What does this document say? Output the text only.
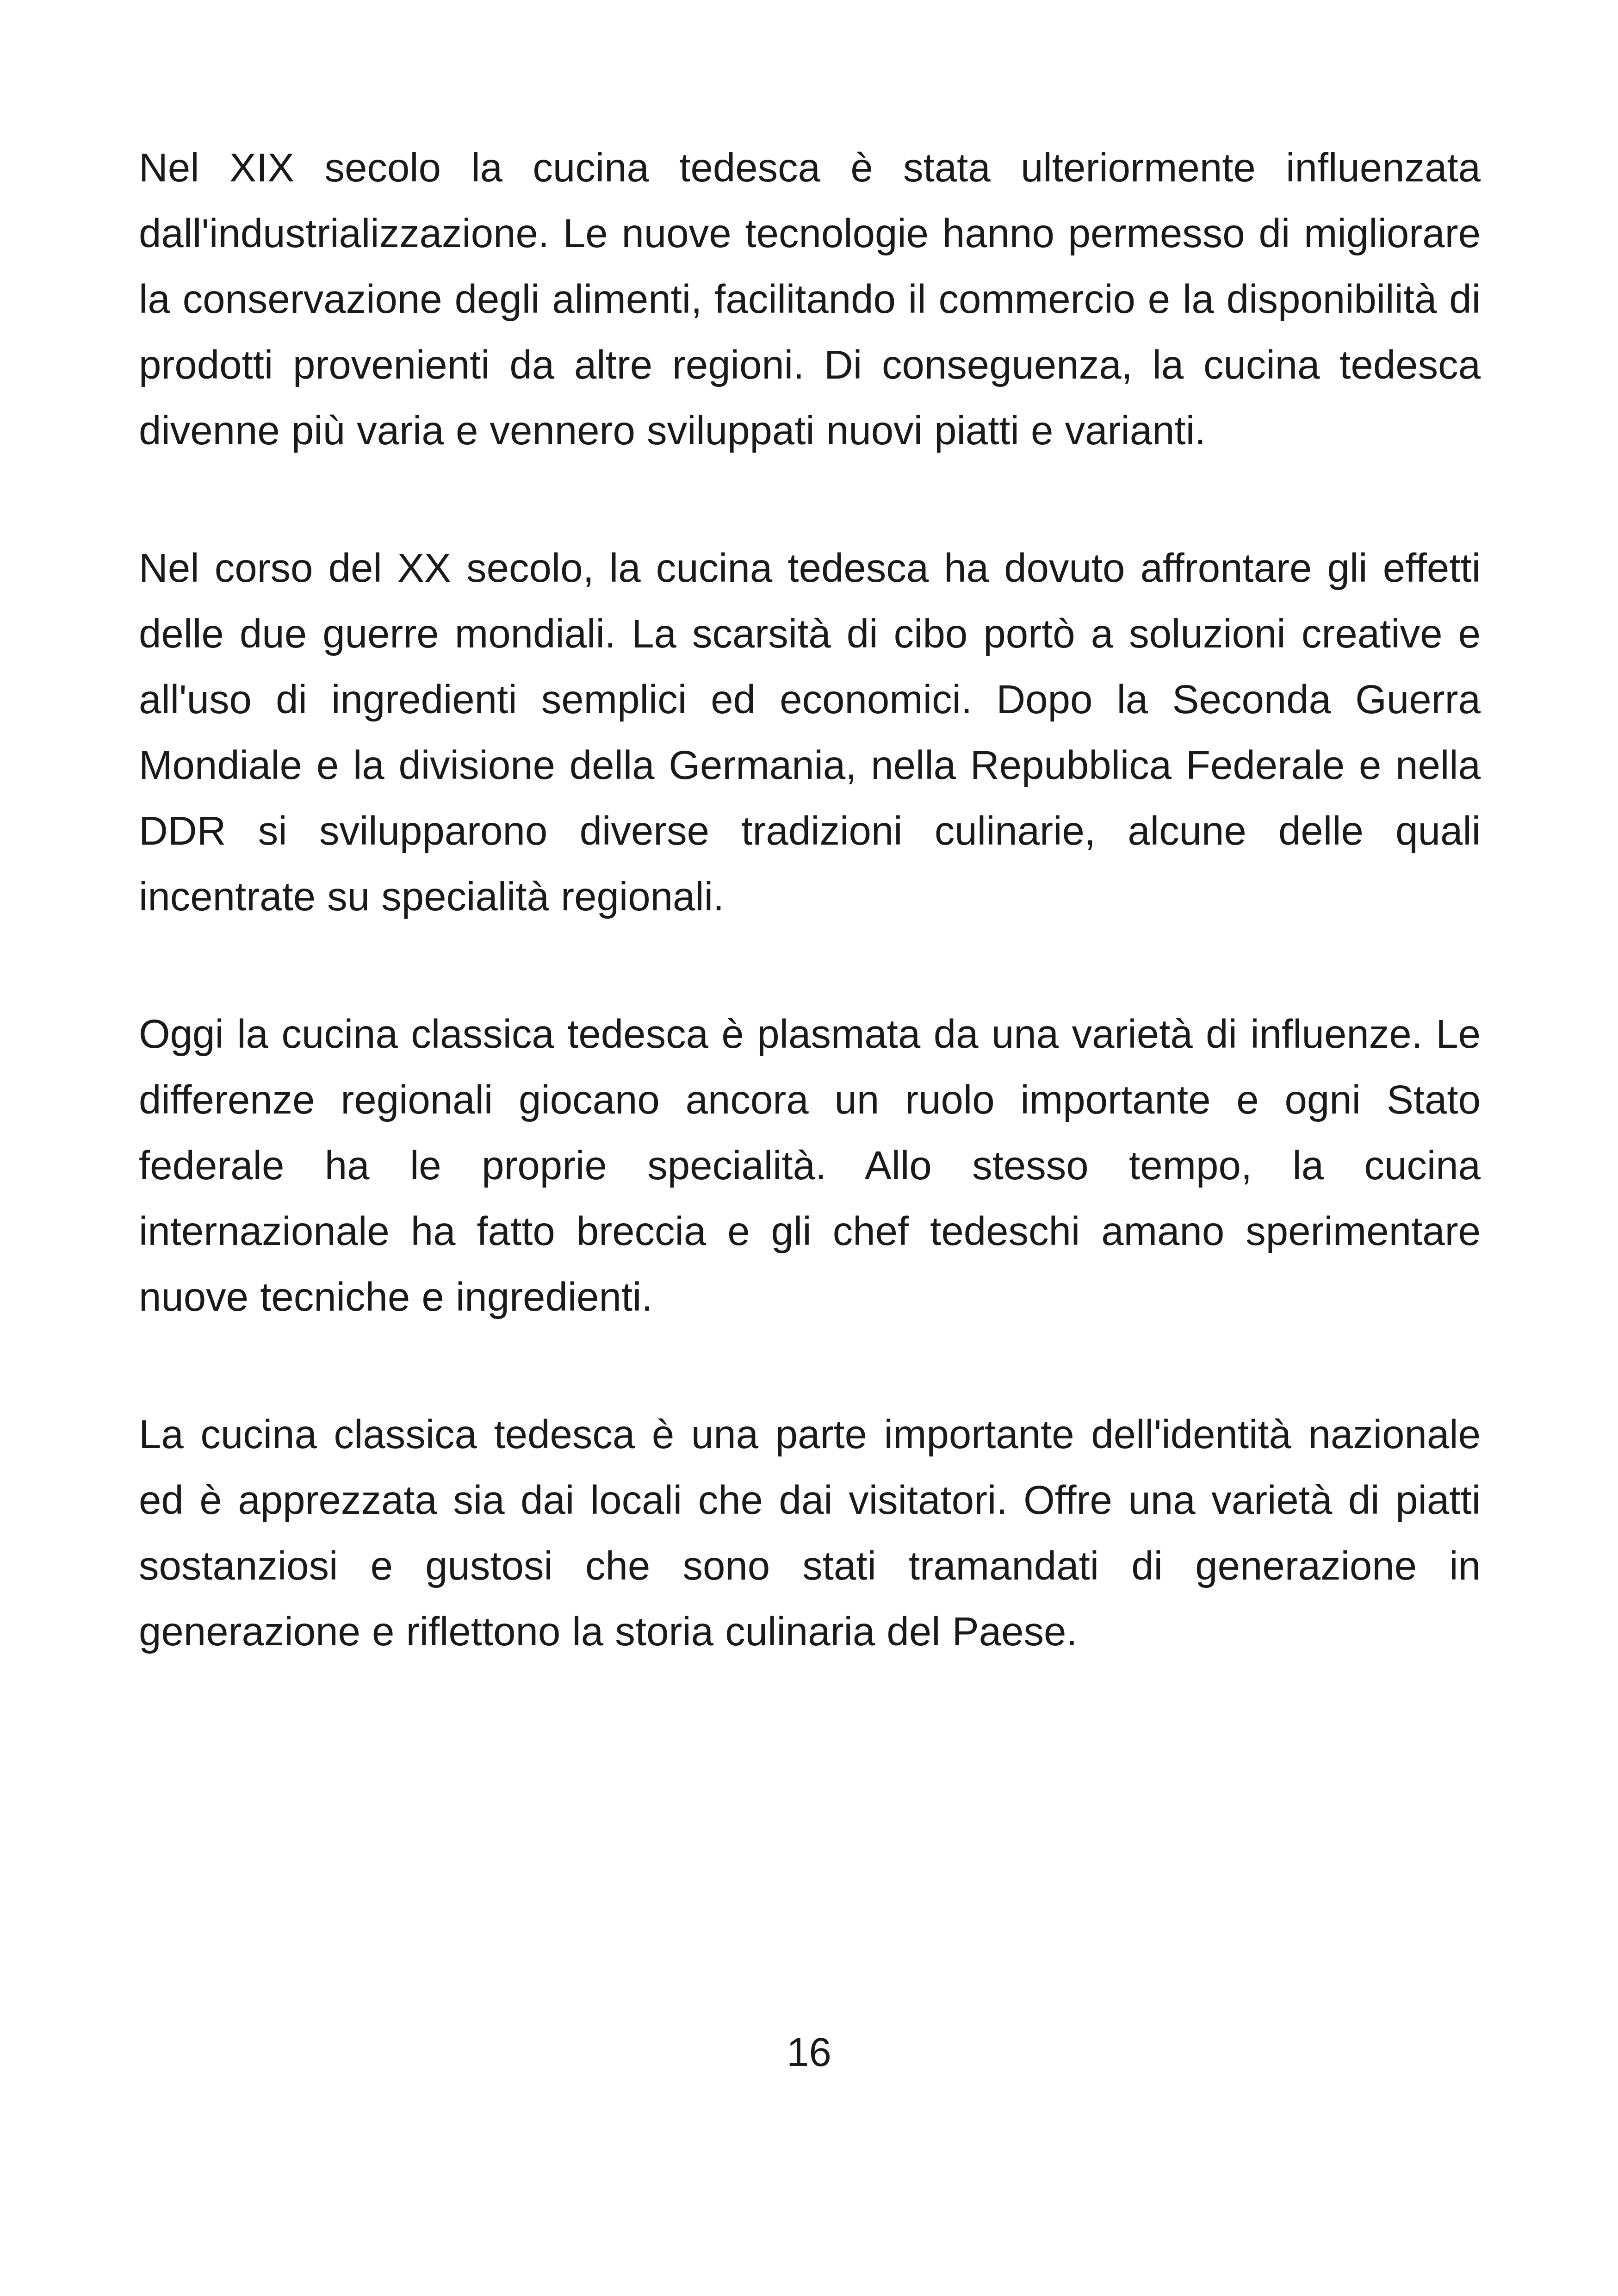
Nel XIX secolo la cucina tedesca è stata ulteriormente influenzata dall'industrializzazione. Le nuove tecnologie hanno permesso di migliorare la conservazione degli alimenti, facilitando il commercio e la disponibilità di prodotti provenienti da altre regioni. Di conseguenza, la cucina tedesca divenne più varia e vennero sviluppati nuovi piatti e varianti.

Nel corso del XX secolo, la cucina tedesca ha dovuto affrontare gli effetti delle due guerre mondiali. La scarsità di cibo portò a soluzioni creative e all'uso di ingredienti semplici ed economici. Dopo la Seconda Guerra Mondiale e la divisione della Germania, nella Repubblica Federale e nella DDR si svilupparono diverse tradizioni culinarie, alcune delle quali incentrate su specialità regionali.

Oggi la cucina classica tedesca è plasmata da una varietà di influenze. Le differenze regionali giocano ancora un ruolo importante e ogni Stato federale ha le proprie specialità. Allo stesso tempo, la cucina internazionale ha fatto breccia e gli chef tedeschi amano sperimentare nuove tecniche e ingredienti.

La cucina classica tedesca è una parte importante dell'identità nazionale ed è apprezzata sia dai locali che dai visitatori. Offre una varietà di piatti sostanziosi e gustosi che sono stati tramandati di generazione in generazione e riflettono la storia culinaria del Paese.

16
